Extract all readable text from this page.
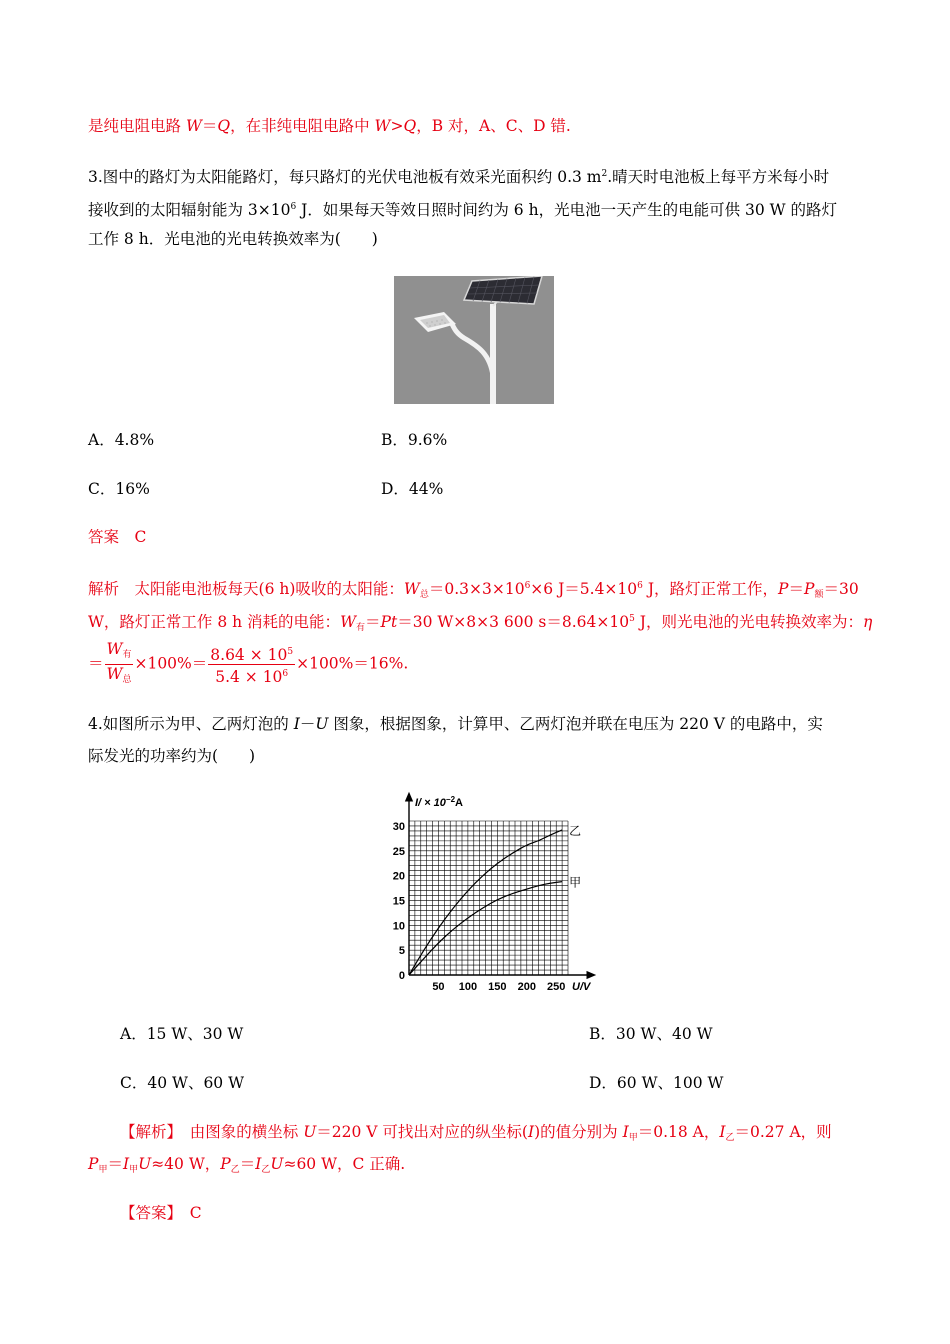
是纯电阻电路 W＝Q，在非纯电阻电路中 W>Q，B 对，A、C、D 错.
3.图中的路灯为太阳能路灯，每只路灯的光伏电池板有效采光面积约 0.3 $m^2$.晴天时电池板上每平方米每小时
接收到的太阳辐射能为 $3\times 10^6$ J．如果每天等效日照时间约为 6 h，光电池一天产生的电能可供 30 W 的路灯
工作 8 h．光电池的光电转换效率为(　　)
A．4.8%	B．9.6%
C．16%	D．44%
答案　 C
解析　太阳能电池板每天(6 h)吸收的太阳能：$W_总=0.3\times 3\times 10^6\times 6$ $J=5.4\times 10^6$ J，路灯正常工作，$P=P_额=30$
W，路灯正常工作 8 h 消耗的电能：$W_有=Pt=30$ W×8×3 600 $s=8.64\times 10^5$ J，则光电池的光电转换效率为：η
＝ $\frac{W_有}{W_总} \times 100\%= \frac{8.64 \times 10^5}{5.4 \times 10^6} \times 100\%=16\%$.
4.如图所示为甲、乙两灯泡的 I－U 图象，根据图象，计算甲、乙两灯泡并联在电压为 220 V 的电路中，实
际发光的功率约为(　　)
乙
甲
0
5
10
15
20
25
30
50 100 150 200 250
$I/ \times 10^{-2}A$
U/V
A．15 W、30 W	B．30 W、40 W
C．40 W、60 W	D．60 W、100 W
【解析】　由图象的横坐标 U＝220 V 可找出对应的纵坐标(I)的值分别为 $I_甲=0.18$ A，$I_乙=0.27$ A，则
$P_甲=I_甲U\approx 40$ W，$P_乙=I_乙U\approx 60$ W，C 正确.
【答案】　 C
